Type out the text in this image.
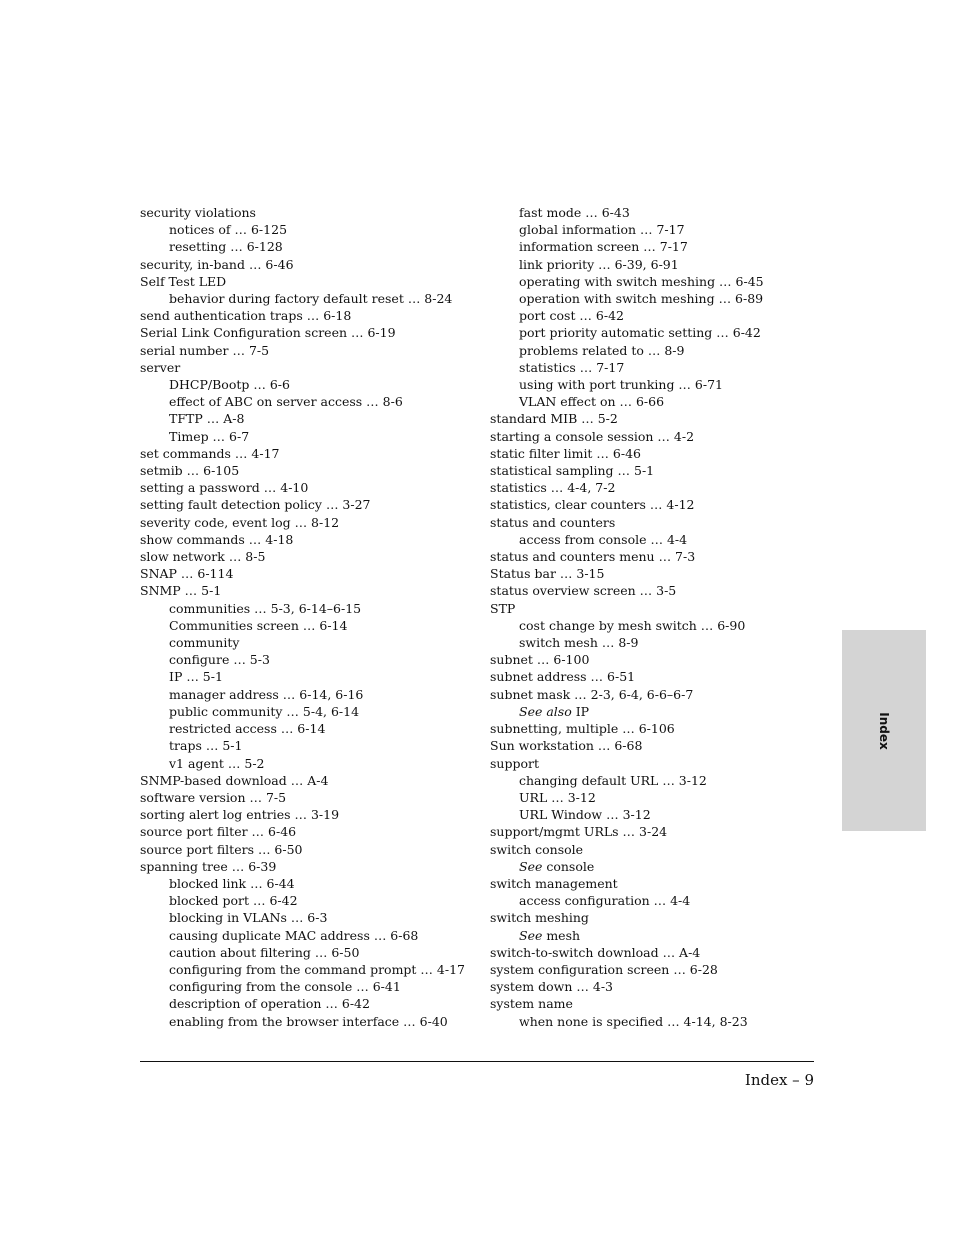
security violations
notices of … 6-125
resetting … 6-128
security, in-band … 6-46
Self Test LED
behavior during factory default reset … 8-24
send authentication traps … 6-18
Serial Link Configuration screen … 6-19
serial number … 7-5
server
DHCP/Bootp … 6-6
effect of ABC on server access … 8-6
TFTP … A-8
Timep … 6-7
set commands … 4-17
setmib … 6-105
setting a password … 4-10
setting fault detection policy … 3-27
severity code, event log … 8-12
show commands … 4-18
slow network … 8-5
SNAP … 6-114
SNMP … 5-1
communities … 5-3, 6-14–6-15
Communities screen … 6-14
community
configure … 5-3
IP … 5-1
manager address … 6-14, 6-16
public community … 5-4, 6-14
restricted access … 6-14
traps … 5-1
v1 agent … 5-2
SNMP-based download … A-4
software version … 7-5
sorting alert log entries … 3-19
source port filter … 6-46
source port filters … 6-50
spanning tree … 6-39
blocked link … 6-44
blocked port … 6-42
blocking in VLANs … 6-3
causing duplicate MAC address … 6-68
caution about filtering … 6-50
configuring from the command prompt … 4-17
configuring from the console … 6-41
description of operation … 6-42
enabling from the browser interface … 6-40
fast mode … 6-43
global information … 7-17
information screen … 7-17
link priority … 6-39, 6-91
operating with switch meshing … 6-45
operation with switch meshing … 6-89
port cost … 6-42
port priority automatic setting … 6-42
problems related to … 8-9
statistics … 7-17
using with port trunking … 6-71
VLAN effect on … 6-66
standard MIB … 5-2
starting a console session … 4-2
static filter limit … 6-46
statistical sampling … 5-1
statistics … 4-4, 7-2
statistics, clear counters … 4-12
status and counters
access from console … 4-4
status and counters menu … 7-3
Status bar … 3-15
status overview screen … 3-5
STP
cost change by mesh switch … 6-90
switch mesh … 8-9
subnet … 6-100
subnet address … 6-51
subnet mask … 2-3, 6-4, 6-6–6-7
See also IP
subnetting, multiple … 6-106
Sun workstation … 6-68
support
changing default URL … 3-12
URL … 3-12
URL Window … 3-12
support/mgmt URLs … 3-24
switch console
See console
switch management
access configuration … 4-4
switch meshing
See mesh
switch-to-switch download … A-4
system configuration screen … 6-28
system down … 4-3
system name
when none is specified … 4-14, 8-23
Index
Index – 9
